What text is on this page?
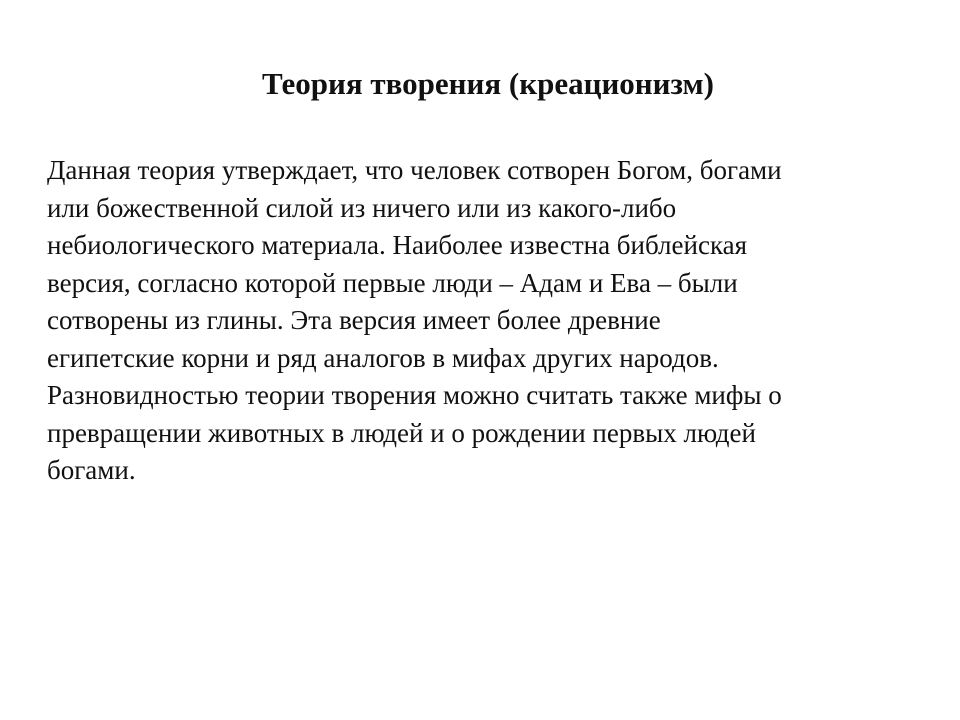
Теория творения (креационизм)
Данная теория утверждает, что человек сотворен Богом, богами
или божественной силой из ничего или из какого-либо
небиологического материала. Наиболее известна библейская
версия, согласно которой первые люди – Адам и Ева – были
сотворены из глины. Эта версия имеет более древние
египетские корни и ряд аналогов в мифах других народов.
Разновидностью теории творения можно считать также мифы о
превращении животных в людей и о рождении первых людей
богами.
